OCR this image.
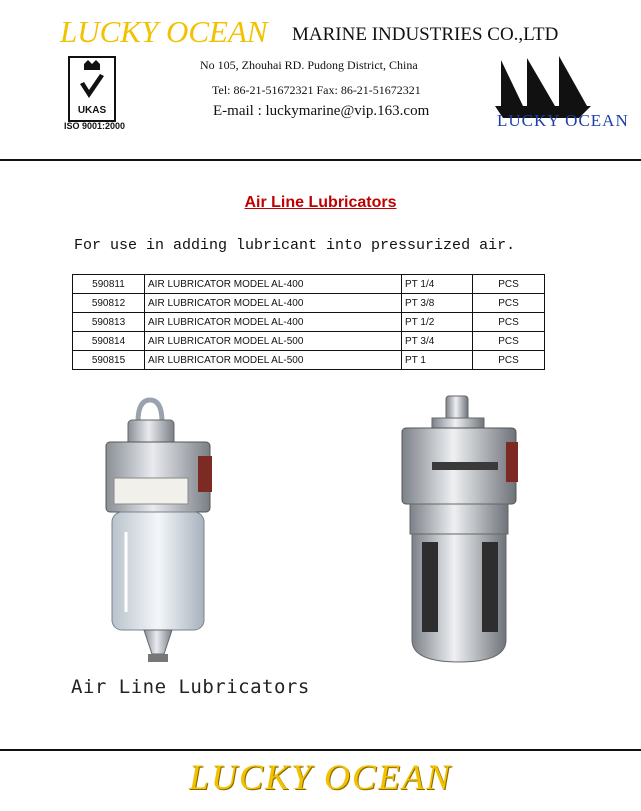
LUCKY OCEAN MARINE INDUSTRIES CO.,LTD
UKAS
ISO 9001:2000
No 105, Zhouhai RD. Pudong District, China
Tel: 86-21-51672321 Fax: 86-21-51672321
E-mail : luckymarine@vip.163.com	LUCKY OCEAN
Air Line Lubricators
For use in adding lubricant into pressurized air.
590811	AIR LUBRICATOR MODEL AL-400	PT 1/4	PCS
590812	AIR LUBRICATOR MODEL AL-400	PT 3/8	PCS
590813	AIR LUBRICATOR MODEL AL-400	PT 1/2	PCS
590814	AIR LUBRICATOR MODEL AL-500	PT 3/4	PCS
590815	AIR LUBRICATOR MODEL AL-500	PT 1	PCS
Air Line Lubricators
LUCKY OCEAN
